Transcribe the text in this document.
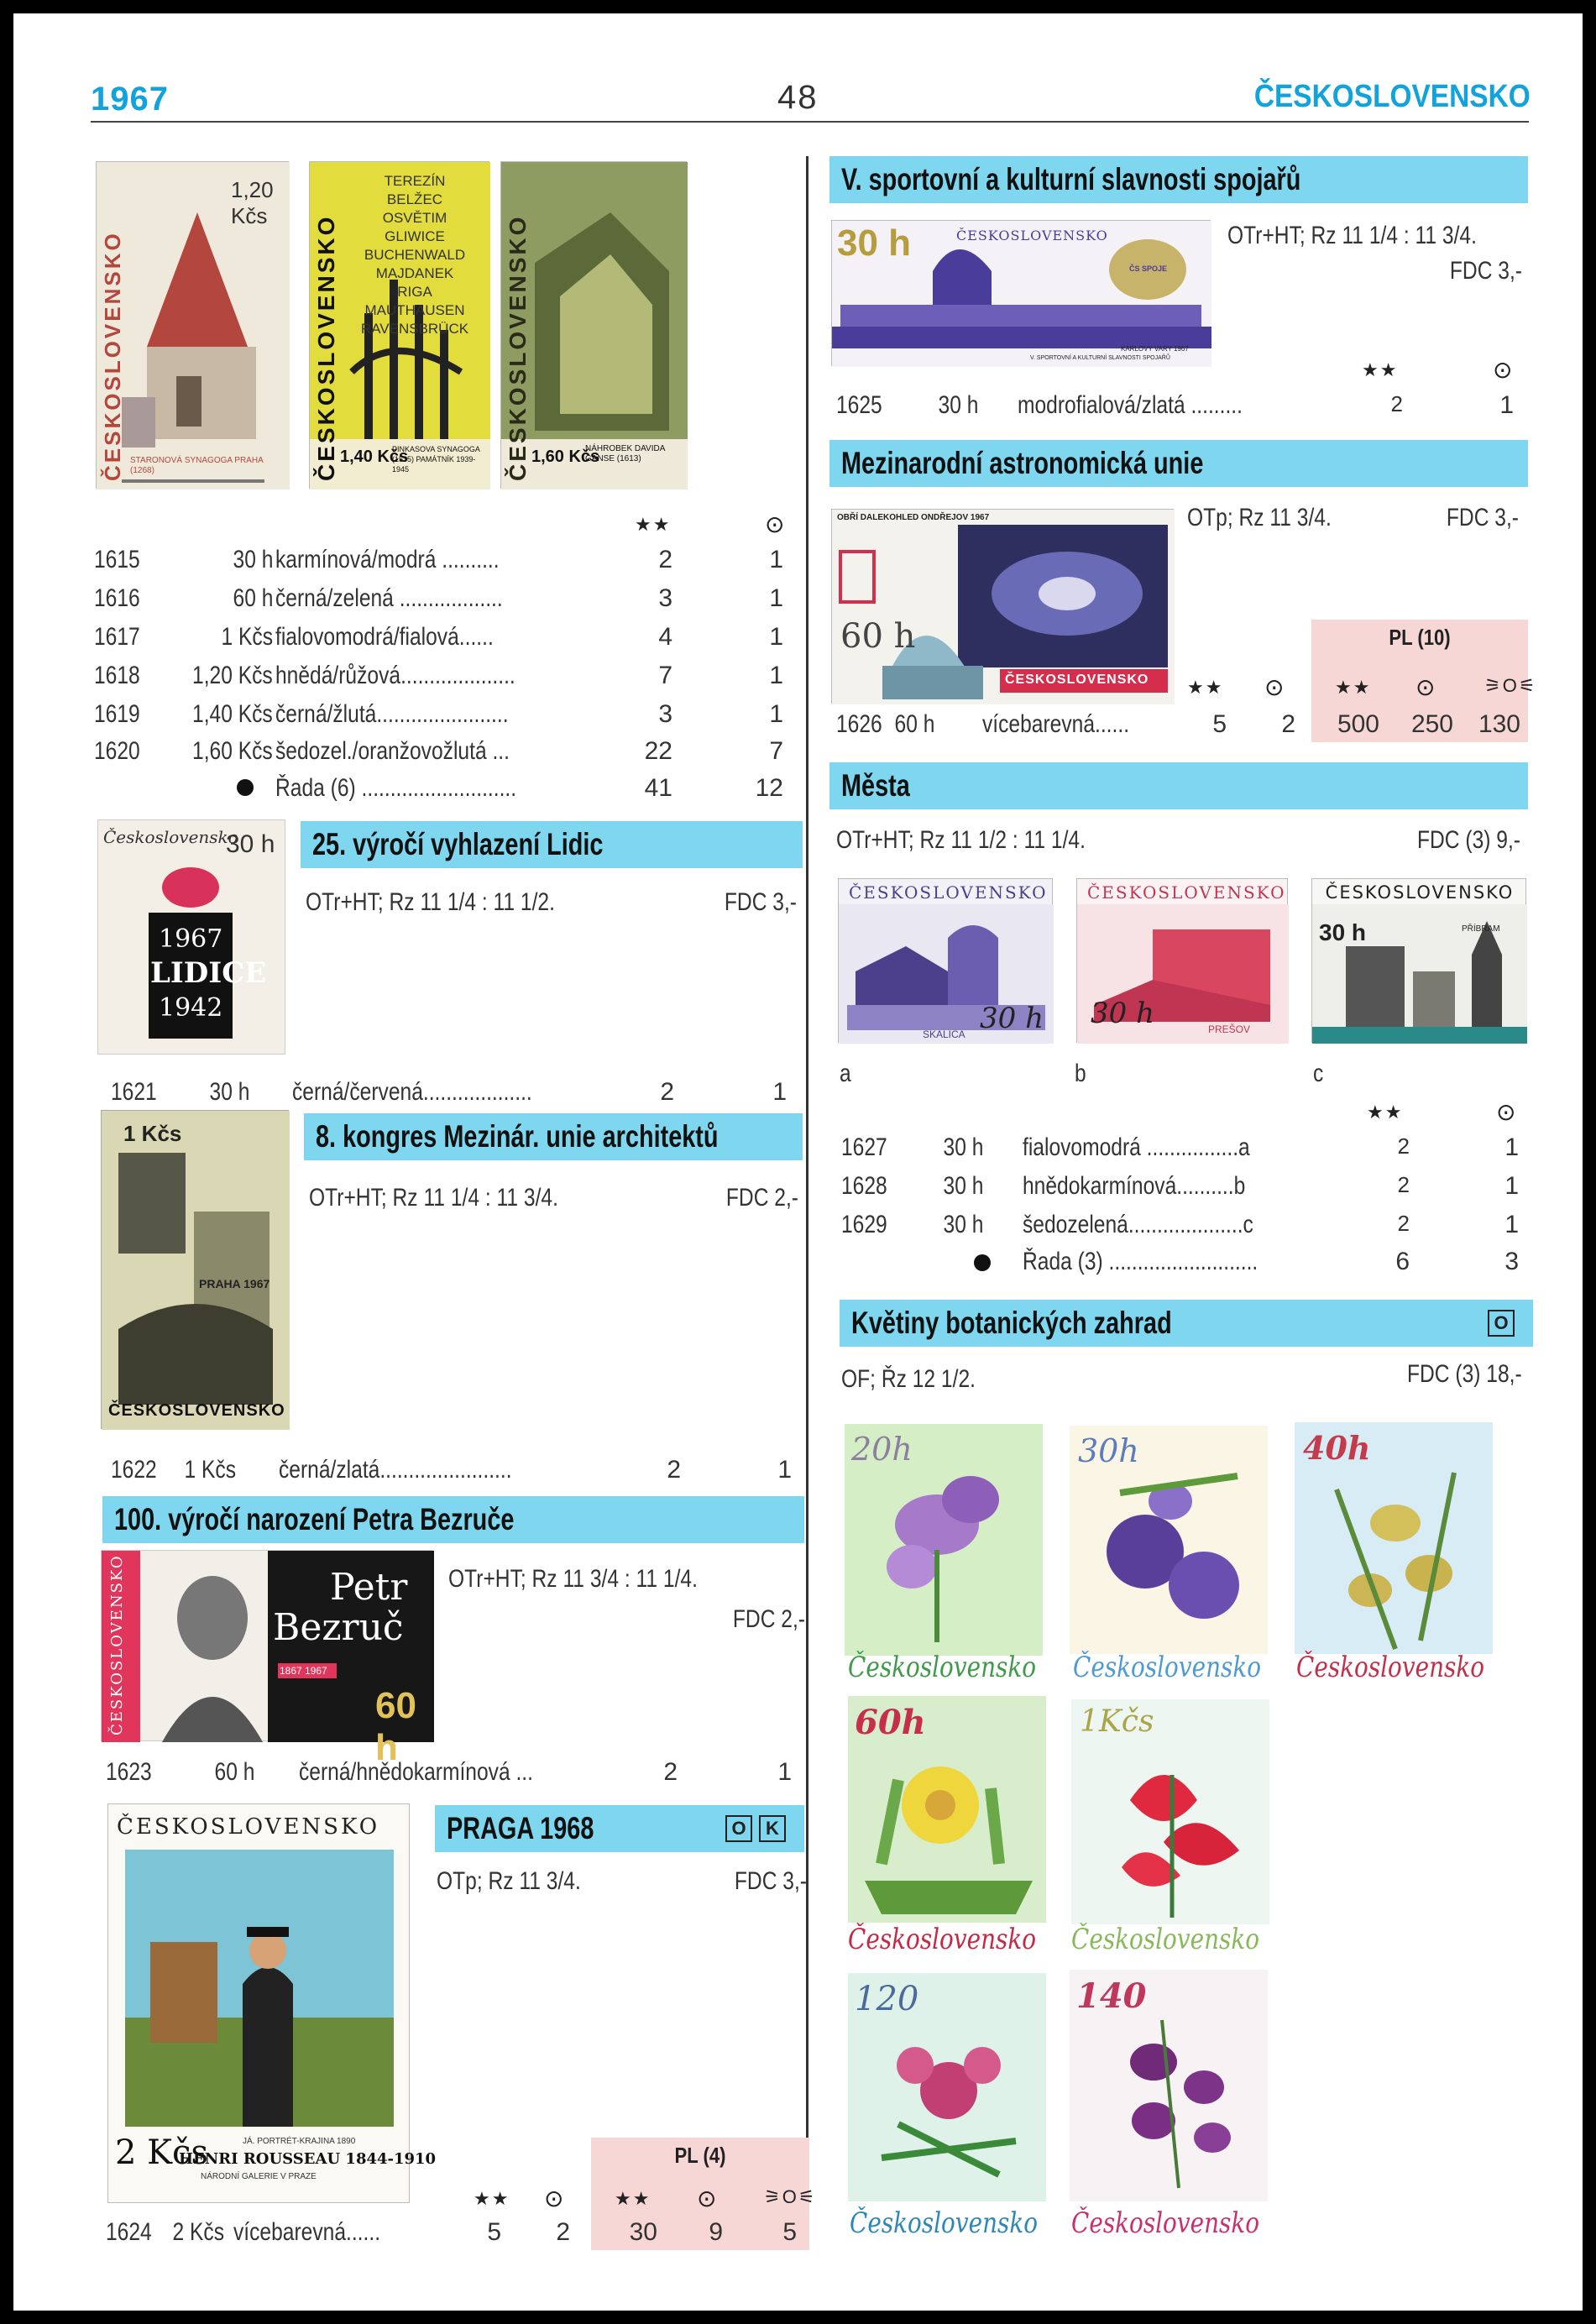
1967	48	ČESKOSLOVENSKO
ČESKOSLOVENSKO
1,20 Kčs
STARONOVÁ SYNAGOGA PRAHA (1268)	ČESKOSLOVENSKO
TEREZÍN BELŽEC OSVĚTIM GLIWICE BUCHENWALD MAJDANEK RIGA MAUTHAUSEN RAVENSBRÜCK
1,40 Kčs
PINKASOVA SYNAGOGA (1535) PAMÁTNÍK 1939-1945	ČESKOSLOVENSKO 1,60 Kčs
NÁHROBEK DAVIDA GANSE (1613)
★★	⊙
1615	30 h karmínová/modrá ..........	2	1
1616	60 h černá/zelená ..................	3	1
1617	1 Kčs fialovomodrá/fialová......	4	1
1618 1,20 Kčs hnědá/růžová....................	7	1
1619 1,40 Kčs černá/žlutá.......................	3	1
1620 1,60 Kčs šedozel./oranžovožlutá ...	22	7
Řada (6) ...........................	41	12
Československo
30 h
1967
LIDICE
1942
25. výročí vyhlazení Lidic
OTr+HT; Rz 11 1/4 : 11 1/2.	FDC 3,-
1621 30 h černá/červená...................	2	1
1 Kčs
PRAHA 1967
ČESKOSLOVENSKO
8. kongres Mezinár. unie architektů
OTr+HT; Rz 11 1/4 : 11 3/4.	FDC 2,-
1622 1 Kčs černá/zlatá.......................	2	1
100. výročí narození Petra Bezruče
ČESKOSLOVENSKO	Petr
Bezruč
1867 1967
60 h
OTr+HT; Rz 11 3/4 : 11 1/4.
FDC 2,-
1623 60 h černá/hnědokarmínová ...	2	1
ČESKOSLOVENSKO
2 Kčs	JÁ. PORTRÉT-KRAJINA 1890
HENRI ROUSSEAU 1844-1910
NÁRODNÍ GALERIE V PRAZE
PRAGA 1968	O	K
OTp; Rz 11 3/4.	FDC 3,-
PL (4)
★★ ⊙	★★ ⊙ ⚞O⚟
1624 2 Kčs vícebarevná......	5 2 30 9 5
V. sportovní a kulturní slavnosti spojařů
30 h	ČESKOSLOVENSKO
ČS SPOJE
KARLOVY VARY 1967
V. SPORTOVNÍ A KULTURNÍ SLAVNOSTI SPOJAŘŮ
OTr+HT; Rz 11 1/4 : 11 3/4.
FDC 3,-
★★	⊙
1625 30 h modrofialová/zlatá .........	2	1
Mezinarodní astronomická unie
OBŘÍ DALEKOHLED ONDŘEJOV 1967
60 h
ČESKOSLOVENSKO
OTp; Rz 11 3/4.	FDC 3,-
PL (10)
★★ ⊙	★★ ⊙	⚞O⚟
1626 60 h vícebarevná......	5 2 500 250 130
Města
OTr+HT; Rz 11 1/2 : 11 1/4.	FDC (3) 9,-
ČESKOSLOVENSKO
30 h
SKALICA
ČESKOSLOVENSKO
30 h	PREŠOV
ČESKOSLOVENSKO
30 h	PŘÍBRAM
a	b	c
★★	⊙
1627 30 h fialovomodrá ................a	2	1
1628 30 h hnědokarmínová..........b	2	1
1629 30 h šedozelená....................c	2	1
Řada (3) ..........................	6	3
Květiny botanických zahrad	O
OF; Řz 12 1/2.	FDC (3) 18,-
20h
Československo
30h
Československo
40h
Československo
60h
Československo
1Kčs
Československo
120
Československo
140
Československo
